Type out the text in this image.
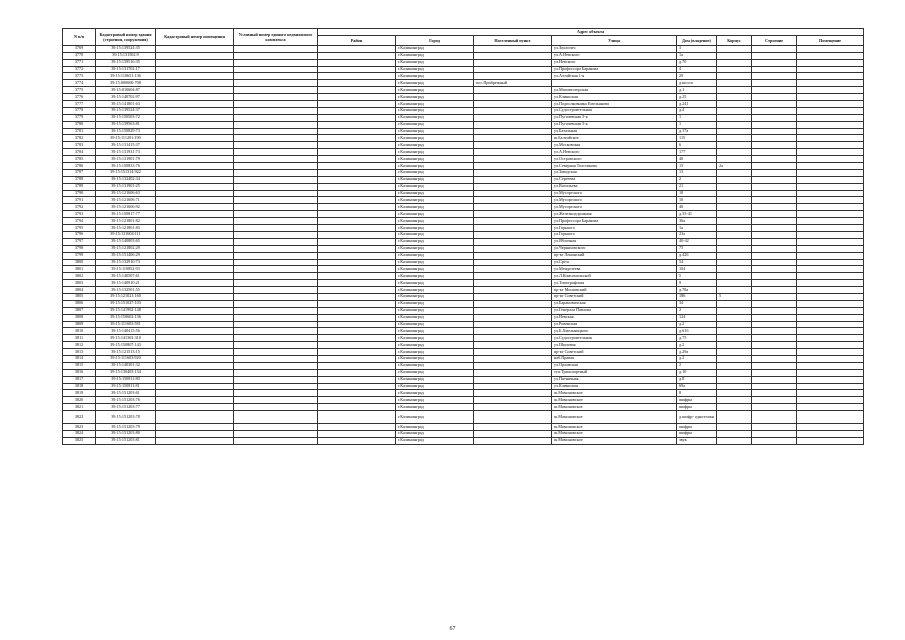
N п/п	Кадастровый номер здания (строения, сооружения)	Кадастровый номер помещения	Условный номер единого недвижимого комплекса	Адрес объекта							
				Район	Город	Населенный пункт	Улица	Дом (владение)	Корпус	Строение	Помещение
3769	39:15:139524:35				г.Калининград		ул.Зоологич	3			
3770	39:15:131502:9				г.Калининград		ул.А.Невского	1а			
3771	39:15:139516:35				г.Калининград		ул.Невского	д.70			
3772	39:15:131702:17				г.Калининград		ул.Профессора Баранова	4			
3773	39:15:110651:136				г.Калининград		ул.Алтайская 1-я	29			
3774	39:15:000000:708				г.Калининград	пос.Прибрежный		д.шоссе			
3775	39:15:010604:87				г.Калининград		ул.Магнитогорская	д.1			
3776	39:15:140702:97				г.Калининград		ул.Клиньская	д.25			
3777	39:15:141801:63				г.Калининград		ул.Подполковника Емельянова	д.241			
3778	39:15:139524:37				г.Калининград		ул.Судостроительная	д.4			
3779	39:15:150503:72				г.Калининград		ул.Пугачевская 5-я	1			
3780	39:15:139563:81				г.Калининград		ул.Пугачевская 5-я	1			
3781	39:15:150829:73				г.Калининград		ул.Батальная	д.17а			
3782	39:15:111201:190				г.Калининград		ш.Балтийское	115			
3783	39:15:131415:37				г.Калининград		ул.Московская	6			
3784	39:15:131931:73				г.Калининград		ул.А.Невского	177			
3785	39:15:131901:79				г.Калининград		ул.Островского	40			
3786	39:15:150833:76				г.Калининград		ул.Северная Толстикова	15	2а		
3787	39:15:151314:922				г.Калининград		ул.Заводская	13			
3788	39:15:132402:34				г.Калининград		ул.Сергеева	2			
3789	39:15:131901:25				г.Калининград		ул.Васильева	21			
3790	39:15:121606:63				г.Калининград		ул.Мусоргского	10			
3791	39:15:121606:71				г.Калининград		ул.Мусоргского	10			
3792	39:15:121606:92				г.Калининград		ул.Мусоргского	40			
3793	39:15:150817:77				г.Калининград		ул.Железнодорожная	д.33-41			
3794	39:15:121801:82				г.Калининград		ул.Профессора Баранова	36а			
3795	39:15:121801:83				г.Калининград		ул.Горького	1а			
3796	39:15:131604:111				г.Калининград		ул.Горького	23а			
3797	39:15:140803:65				г.Калининград		ул.Яблочная	40-42			
3798	39:15:121802:29				г.Калининград		ул.Черняховского	75			
3799	39:15:151406:29				г.Калининград		пр-кт Ленинский	д.426			
3800	39:15:132910:73				г.Калининград		ул.Сріта	54			
3801	39:15:110852:93				г.Калининград		ул.Менделеева	104			
3802	39:15:140507:61				г.Калининград		ул.Л.Комсомольской	5			
3803	39:15:140910:21				г.Калининград		ул.Типографская	9			
3804	39:15:132501:55				г.Калининград		пр-кт Московский	д.78а			
3805	39:15:121021:160				г.Калининград		пр-кт Советский	186	5		
3806	39:15:151027:103				г.Калининград		ул.Барановичская	34			
3807	39:15:141902:148				г.Калининград		ул.Генерала Павлова	2			
3808	39:15:150602:136				г.Калининград		ул.Невская	124			
3809	39:15:111603:581				г.Калининград		ул.Ровенская	д.2			
3810	39:15:140415:56				г.Калининград		ул.Б.Хмельницкого	д.61б			
3811	39:15:141302:310				г.Калининград		ул.Судостроительная	д.75			
3812	39:15:150807:143				г.Калининград		ул.Шиповая	д.2			
3813	39:15:121513:15				г.Калининград		пр-кт Советский	д.29а			
3814	39:15:111603:920				г.Калининград		наб.Правая	д.2			
3815	39:15:140301:32				г.Калининград		ул.Орловская	2			
3816	39:15:130403:134				г.Калининград		туп.Транспортный	д.10			
3817	39:15:150811:80				г.Калининград		ул.Пятничная	д.8			
3818	39:15:150811:81				г.Калининград		ул.Клиньская	69а			
3819	39:15:151203:61				г.Калининград		ш.Мамоновское	8			
3820	39:15:151203:76				г.Калининград		ш.Мамоновское	шифры			
3821	39:15:151203:77				г.Калининград		ш.Мамоновское	шифры			
3822	39:15:151203:78				г.Калининград		ш.Мамоновское	д.шифр- одноэтажн			
3823	39:15:151203:79				г.Калининград		ш.Мамоновское	шифры			
3824	39:15:151203:80				г.Калининград		ш.Мамоновское	шифры			
3825	39:15:151203:81				г.Калининград		ш.Мамоновское	звук			
67
